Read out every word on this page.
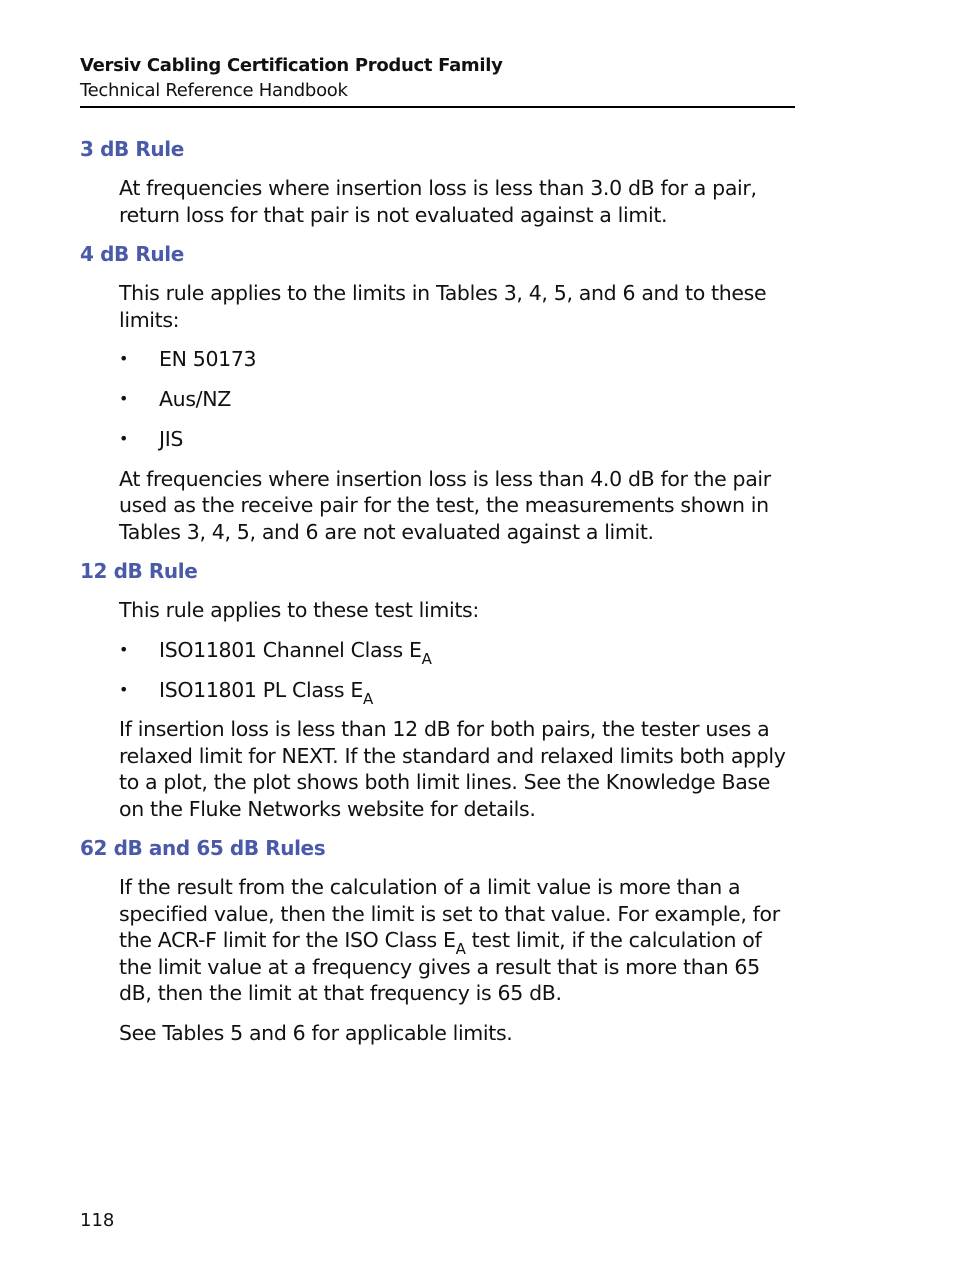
Versiv Cabling Certification Product Family
Technical Reference Handbook
3 dB Rule

At frequencies where insertion loss is less than 3.0 dB for a pair, return loss for that pair is not evaluated against a limit.

4 dB Rule

This rule applies to the limits in Tables 3, 4, 5, and 6 and to these limits:

• EN 50173
• Aus/NZ
• JIS

At frequencies where insertion loss is less than 4.0 dB for the pair used as the receive pair for the test, the measurements shown in Tables 3, 4, 5, and 6 are not evaluated against a limit.

12 dB Rule

This rule applies to these test limits:

• ISO11801 Channel Class $E_A$
• ISO11801 PL Class $E_A$

If insertion loss is less than 12 dB for both pairs, the tester uses a relaxed limit for NEXT. If the standard and relaxed limits both apply to a plot, the plot shows both limit lines. See the Knowledge Base on the Fluke Networks website for details.

62 dB and 65 dB Rules

If the result from the calculation of a limit value is more than a specified value, then the limit is set to that value. For example, for the ACR-F limit for the ISO Class $E_A$ test limit, if the calculation of the limit value at a frequency gives a result that is more than 65 dB, then the limit at that frequency is 65 dB.

See Tables 5 and 6 for applicable limits.

118
